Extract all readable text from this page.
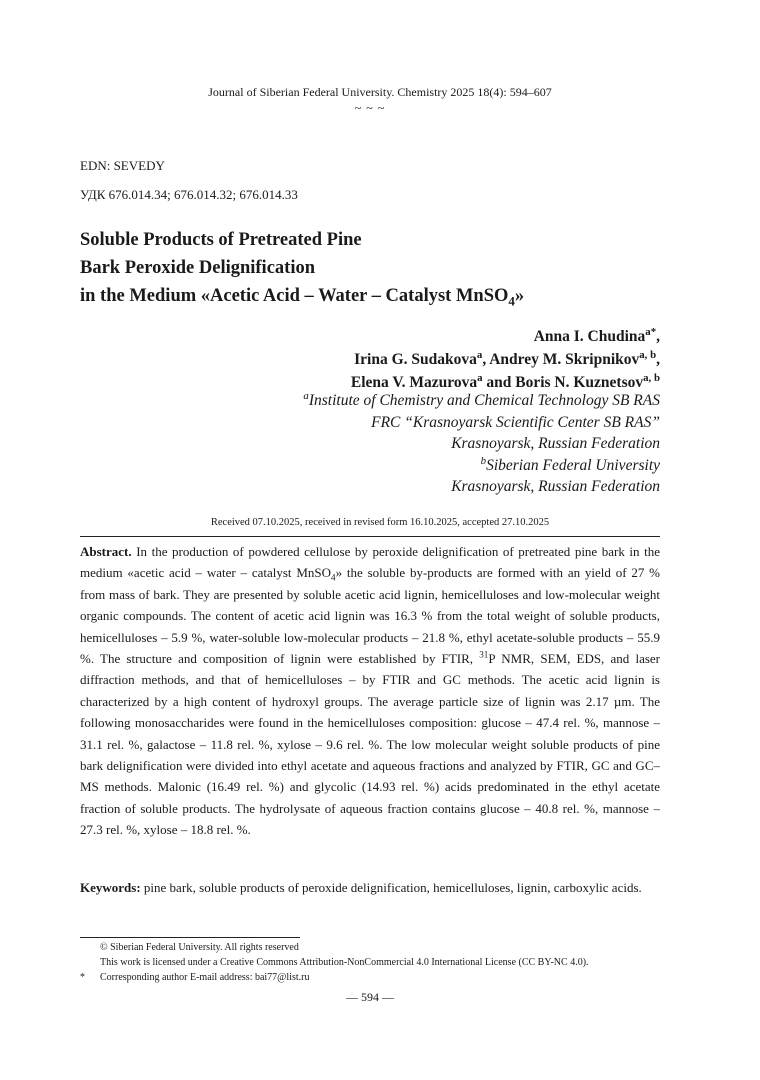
Journal of Siberian Federal University. Chemistry 2025 18(4): 594–607
~ ~ ~
EDN: SEVEDY
УДК 676.014.34; 676.014.32; 676.014.33
Soluble Products of Pretreated Pine
Bark Peroxide Delignification
in the Medium «Acetic Acid – Water – Catalyst MnSO$_4$»
Anna I. Chudina$^{a*}$,
Irina G. Sudakova$^a$, Andrey M. Skripnikov$^{a, b}$,
Elena V. Mazurova$^a$ and Boris N. Kuznetsov$^{a, b}$
$^a$Institute of Chemistry and Chemical Technology SB RAS
FRC “Krasnoyarsk Scientific Center SB RAS”
Krasnoyarsk, Russian Federation
$^b$Siberian Federal University
Krasnoyarsk, Russian Federation
Received 07.10.2025, received in revised form 16.10.2025, accepted 27.10.2025
Abstract. In the production of powdered cellulose by peroxide delignification of pretreated pine bark in the medium «acetic acid – water – catalyst MnSO$_4$» the soluble by-products are formed with an yield of 27 % from mass of bark. They are presented by soluble acetic acid lignin, hemicelluloses and low-molecular weight organic compounds. The content of acetic acid lignin was 16.3 % from the total weight of soluble products, hemicelluloses – 5.9 %, water-soluble low-molecular products – 21.8 %, ethyl acetate-soluble products – 55.9 %. The structure and composition of lignin were established by FTIR, $^{31}$P NMR, SEM, EDS, and laser diffraction methods, and that of hemicelluloses – by FTIR and GC methods. The acetic acid lignin is characterized by a high content of hydroxyl groups. The average particle size of lignin was 2.17 µm. The following monosaccharides were found in the hemicelluloses composition: glucose – 47.4 rel. %, mannose – 31.1 rel. %, galactose – 11.8 rel. %, xylose – 9.6 rel. %. The low molecular weight soluble products of pine bark delignification were divided into ethyl acetate and aqueous fractions and analyzed by FTIR, GC and GC–MS methods. Malonic (16.49 rel. %) and glycolic (14.93 rel. %) acids predominated in the ethyl acetate fraction of soluble products. The hydrolysate of aqueous fraction contains glucose – 40.8 rel. %, mannose – 27.3 rel. %, xylose – 18.8 rel. %.
Keywords: pine bark, soluble products of peroxide delignification, hemicelluloses, lignin, carboxylic acids.
© Siberian Federal University. All rights reserved
This work is licensed under a Creative Commons Attribution-NonCommercial 4.0 International License (CC BY-NC 4.0).
* Corresponding author E-mail address: bai77@list.ru
― 594 ―
